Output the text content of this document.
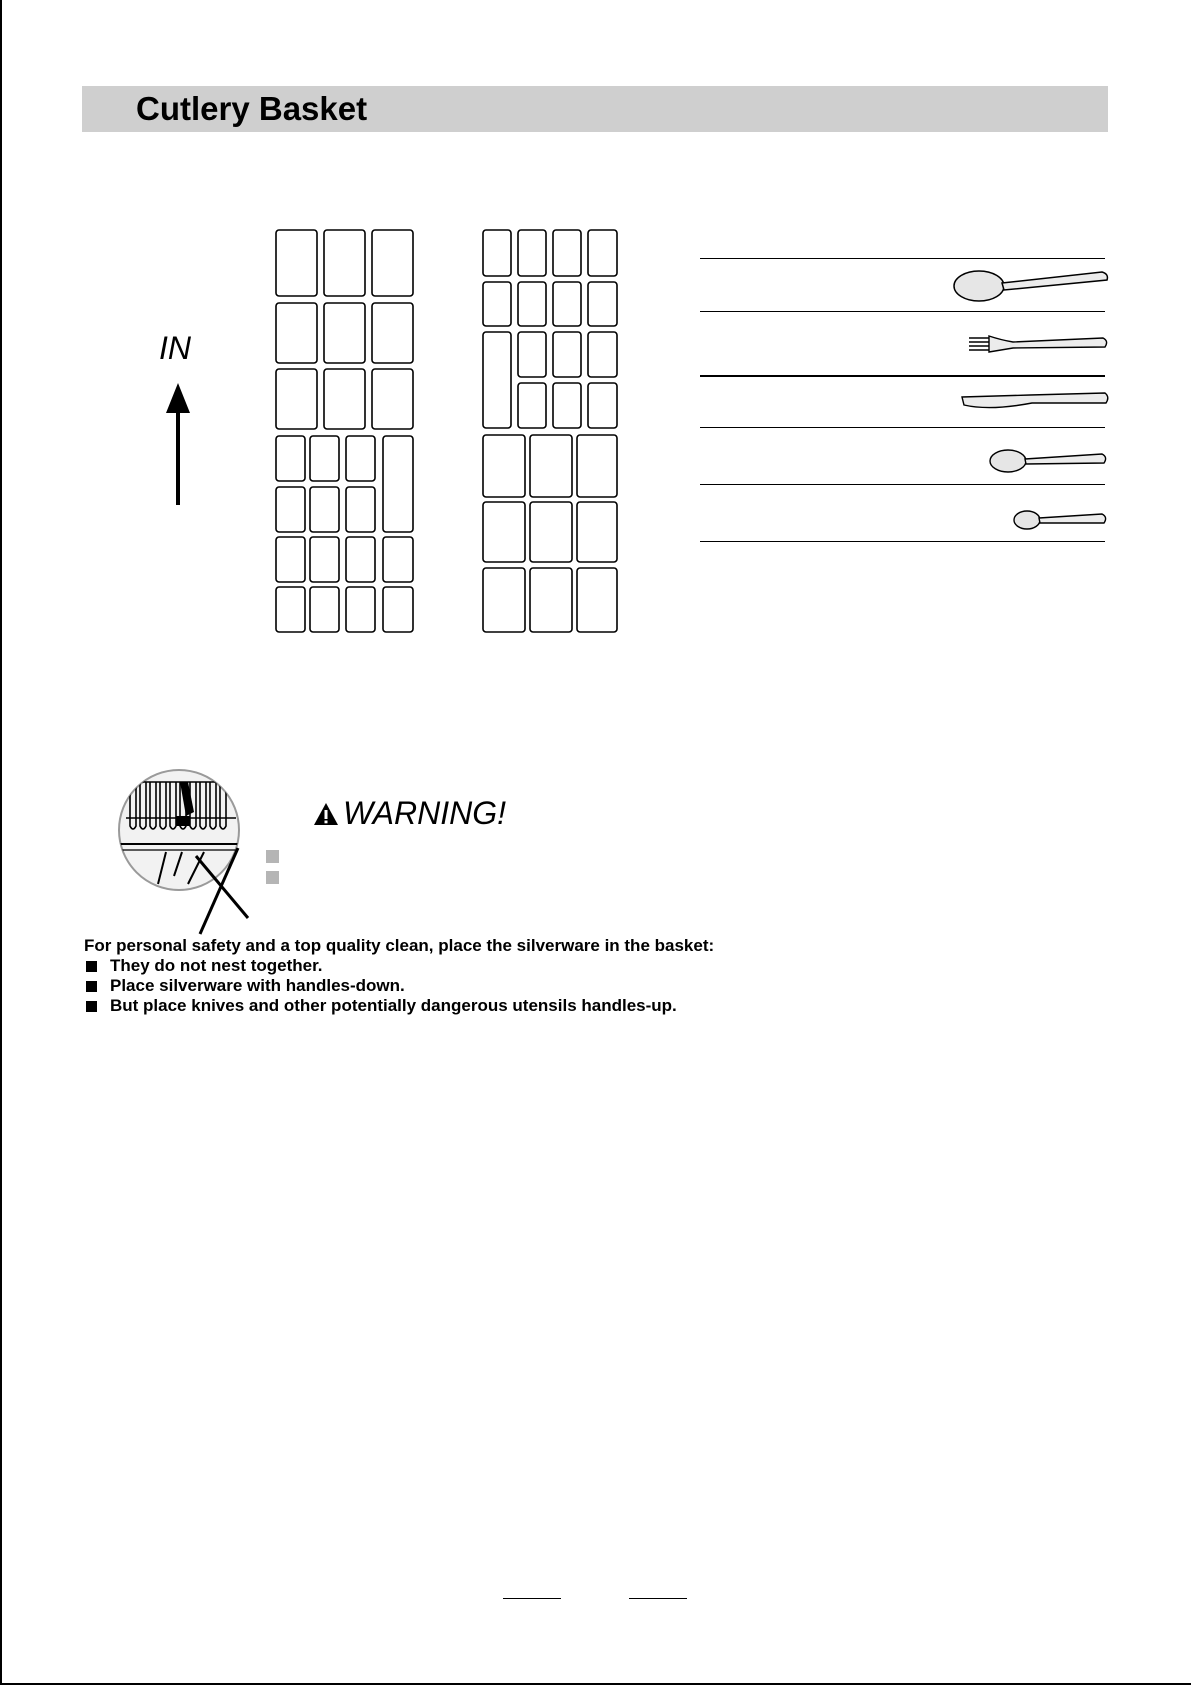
Cutlery Basket
IN
WARNING!
For personal safety and a top quality clean, place the silverware in the basket:
They do not nest together.
Place silverware with handles-down.
But place knives and other potentially dangerous utensils handles-up.
